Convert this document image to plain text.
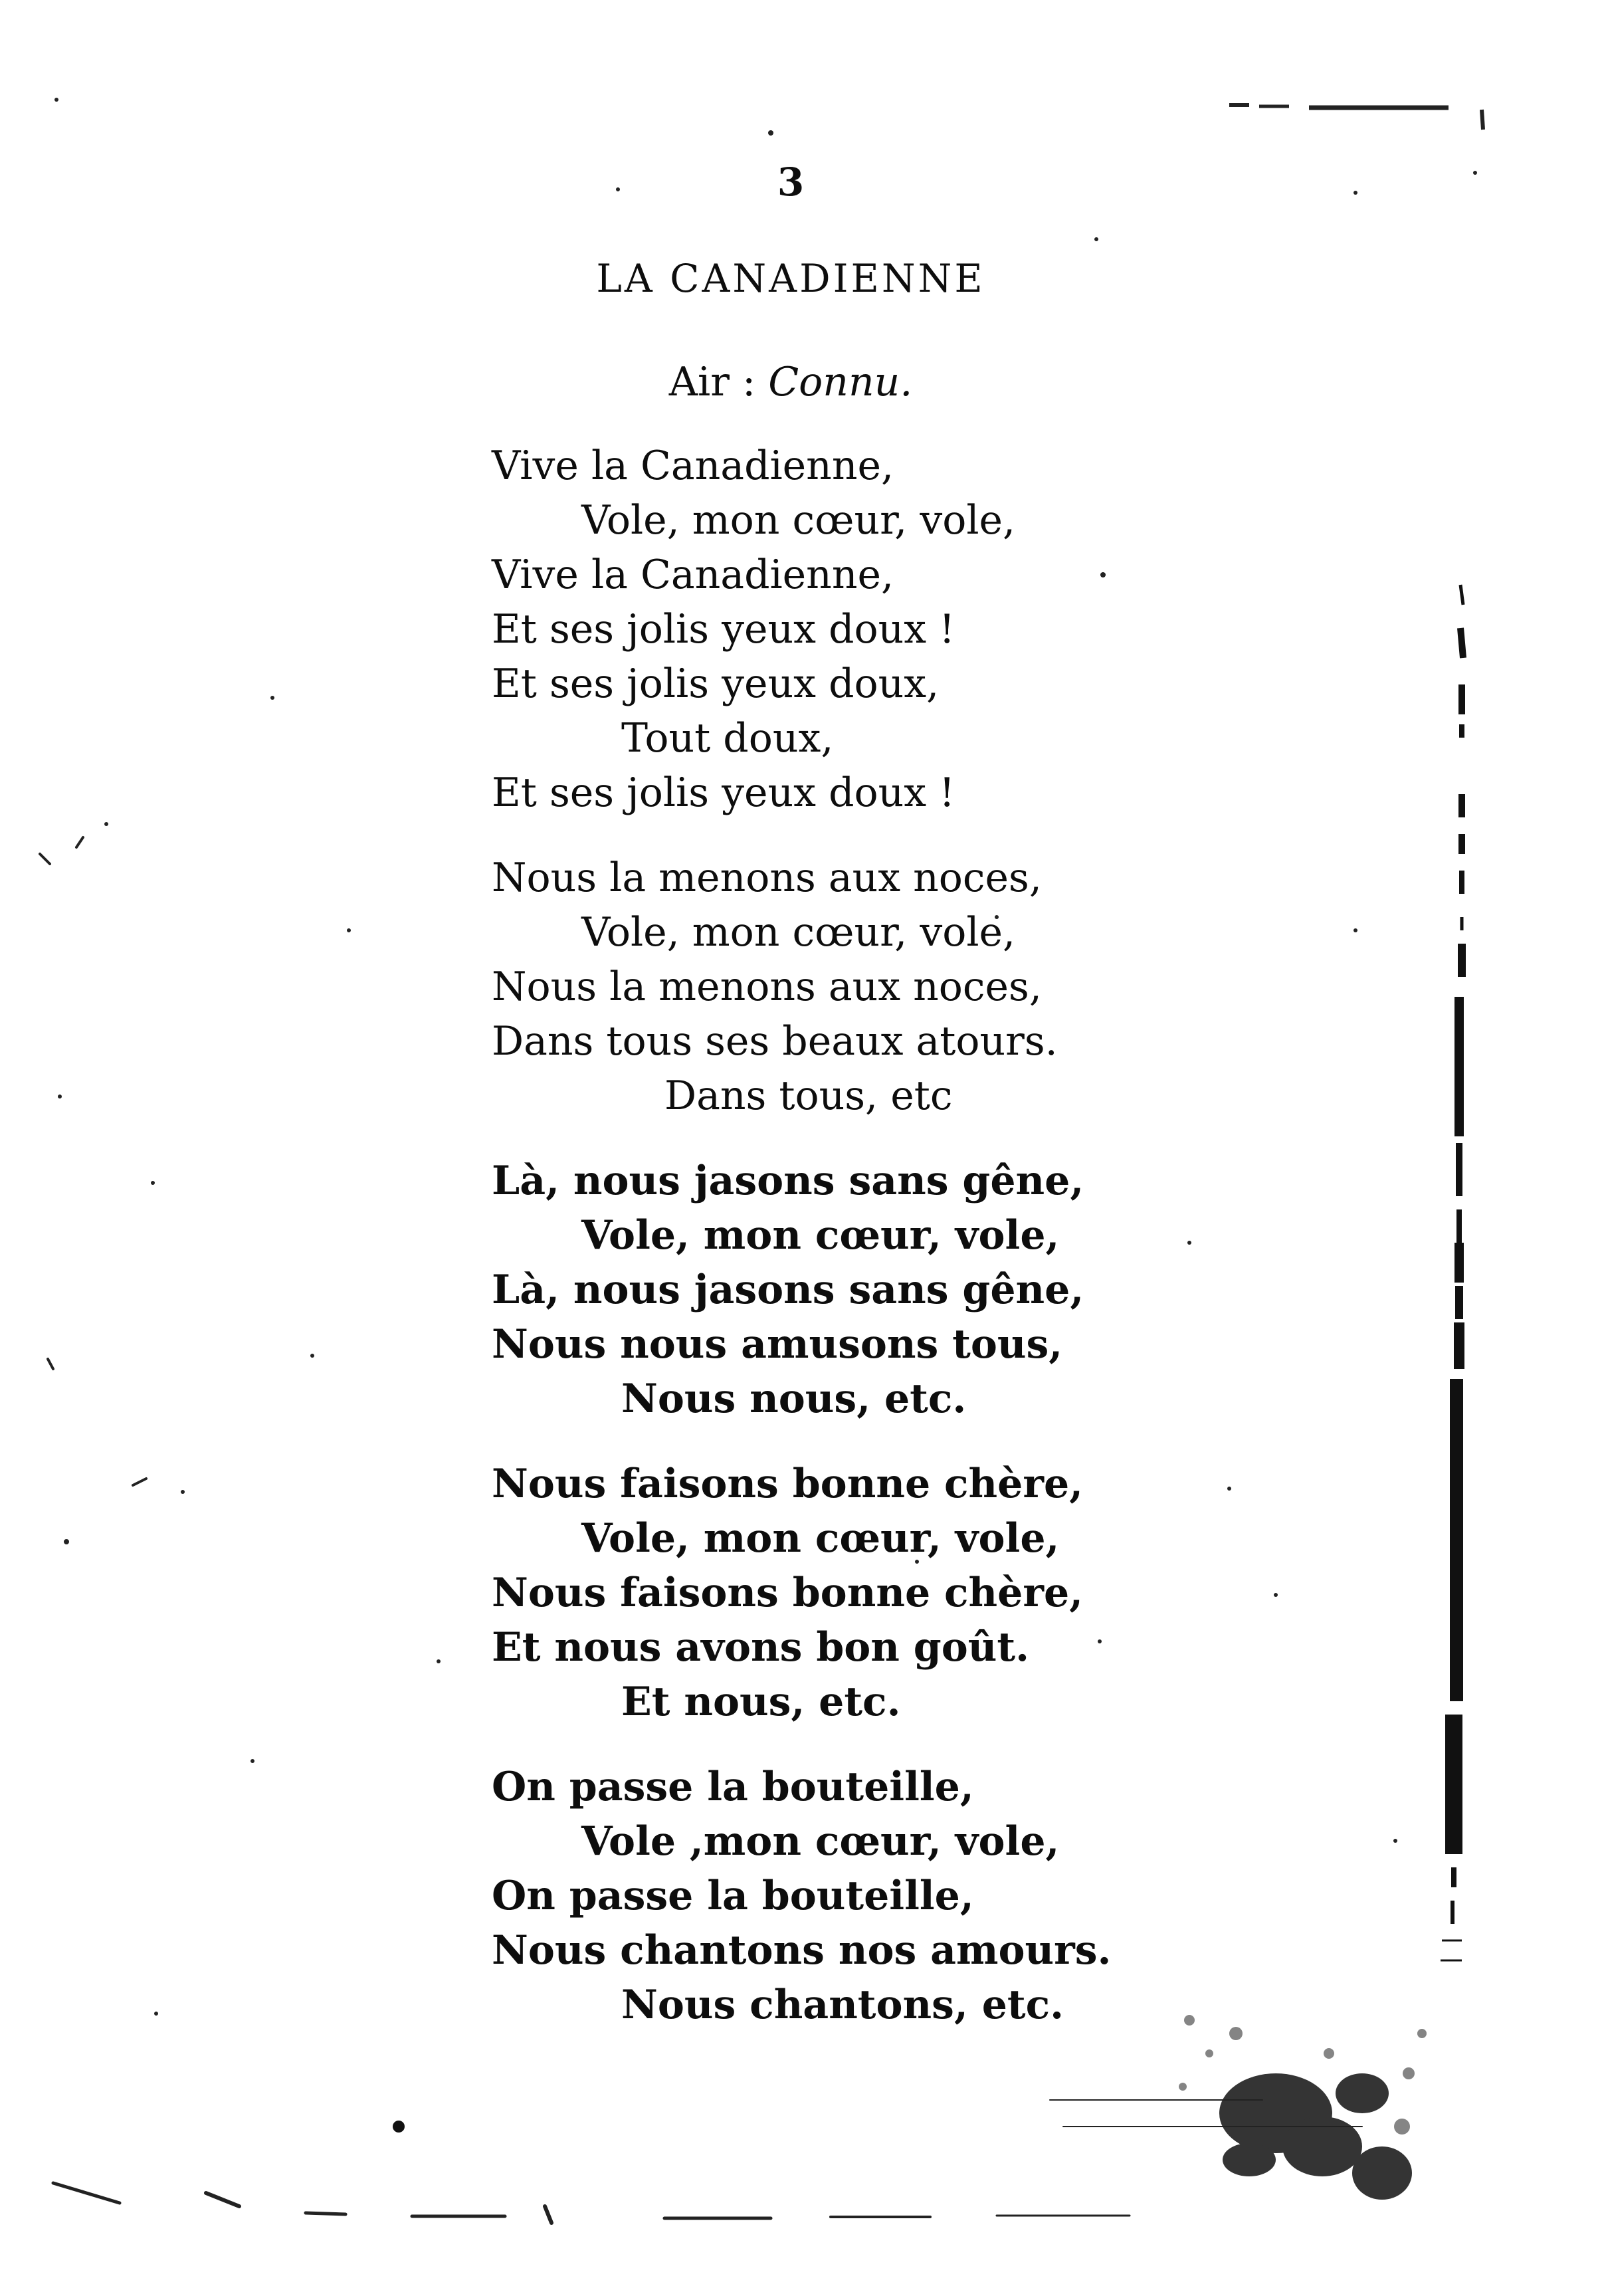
3
LA CANADIENNE
Air : Connu.
Vive la Canadienne,
Vole, mon cœur, vole,
Vive la Canadienne,
Et ses jolis yeux doux !
Et ses jolis yeux doux,
Tout doux,
Et ses jolis yeux doux !
Nous la menons aux noces,
Vole, mon cœur, vole,
Nous la menons aux noces,
Dans tous ses beaux atours.
Dans tous, etc
Là, nous jasons sans gêne,
Vole, mon cœur, vole,
Là, nous jasons sans gêne,
Nous nous amusons tous,
Nous nous, etc.
Nous faisons bonne chère,
Vole, mon cœur, vole,
Nous faisons bonne chère,
Et nous avons bon goût.
Et nous, etc.
On passe la bouteille,
Vole ,mon cœur, vole,
On passe la bouteille,
Nous chantons nos amours.
Nous chantons, etc.
